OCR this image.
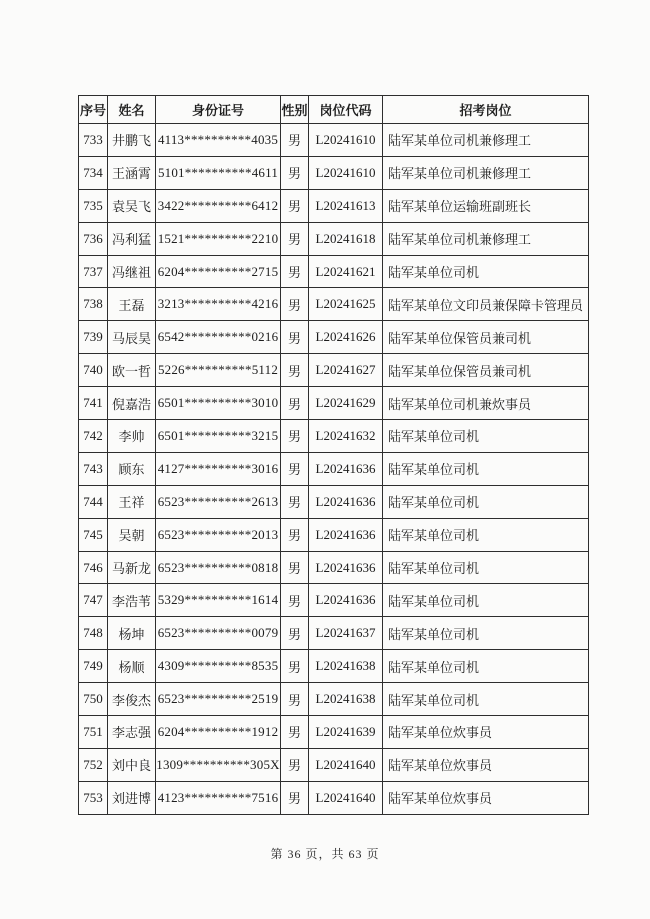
序号	姓名	身份证号	性别	岗位代码	招考岗位
733	井鹏飞	4113**********4035	男	L20241610	陆军某单位司机兼修理工
734	王涵霄	5101**********4611	男	L20241610	陆军某单位司机兼修理工
735	袁吴飞	3422**********6412	男	L20241613	陆军某单位运输班副班长
736	冯利猛	1521**********2210	男	L20241618	陆军某单位司机兼修理工
737	冯继祖	6204**********2715	男	L20241621	陆军某单位司机
738	王磊	3213**********4216	男	L20241625	陆军某单位文印员兼保障卡管理员
739	马辰昊	6542**********0216	男	L20241626	陆军某单位保管员兼司机
740	欧一哲	5226**********5112	男	L20241627	陆军某单位保管员兼司机
741	倪嘉浩	6501**********3010	男	L20241629	陆军某单位司机兼炊事员
742	李帅	6501**********3215	男	L20241632	陆军某单位司机
743	顾东	4127**********3016	男	L20241636	陆军某单位司机
744	王祥	6523**********2613	男	L20241636	陆军某单位司机
745	吴朝	6523**********2013	男	L20241636	陆军某单位司机
746	马新龙	6523**********0818	男	L20241636	陆军某单位司机
747	李浩苇	5329**********1614	男	L20241636	陆军某单位司机
748	杨坤	6523**********0079	男	L20241637	陆军某单位司机
749	杨顺	4309**********8535	男	L20241638	陆军某单位司机
750	李俊杰	6523**********2519	男	L20241638	陆军某单位司机
751	李志强	6204**********1912	男	L20241639	陆军某单位炊事员
752	刘中良	1309**********305X	男	L20241640	陆军某单位炊事员
753	刘进博	4123**********7516	男	L20241640	陆军某单位炊事员
第 36 页，共 63 页
